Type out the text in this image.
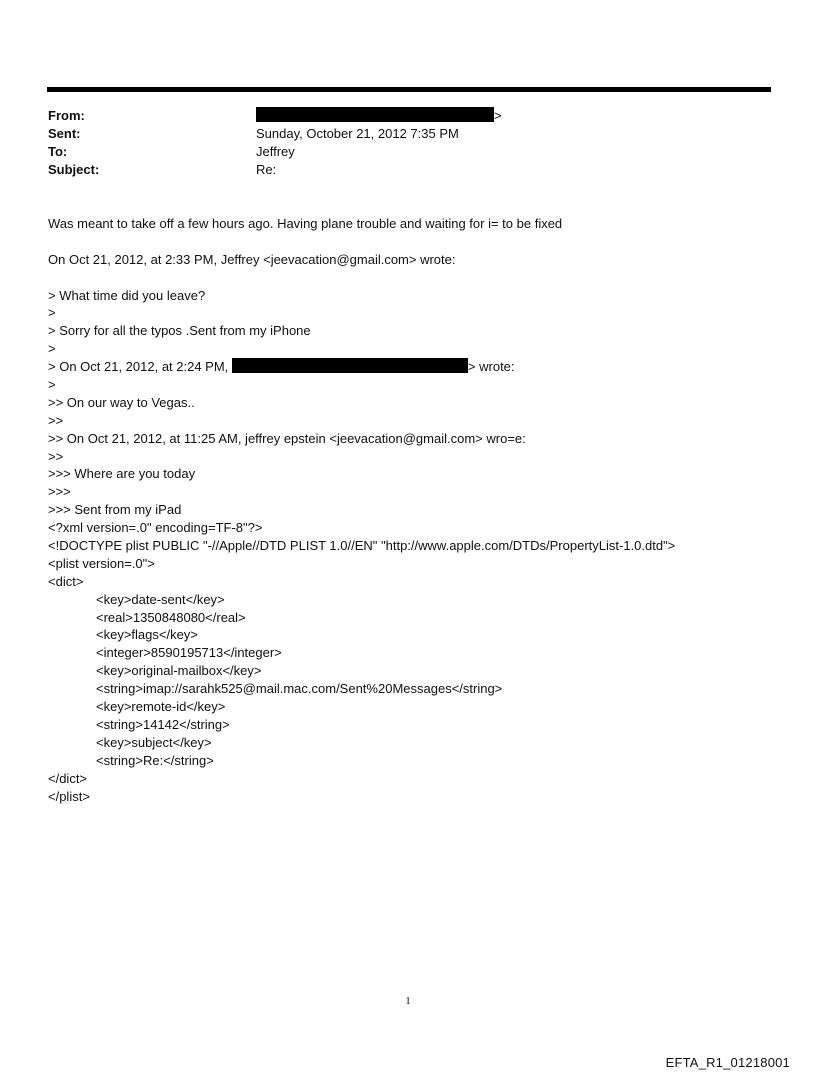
From:	>
Sent:	Sunday, October 21, 2012 7:35 PM
To:	Jeffrey
Subject:	Re:
Was meant to take off a few hours ago. Having plane trouble and waiting for i= to be fixed
On Oct 21, 2012, at 2:33 PM, Jeffrey <jeevacation@gmail.com> wrote:
> What time did you leave?
>
> Sorry for all the typos .Sent from my iPhone
>
> On Oct 21, 2012, at 2:24 PM,	> wrote:
>
>> On our way to Vegas..
>>
>> On Oct 21, 2012, at 11:25 AM, jeffrey epstein <jeevacation@gmail.com> wro=e:
>>
>>> Where are you today
>>>
>>> Sent from my iPad
<?xml version=.0" encoding=TF-8"?>
<!DOCTYPE plist PUBLIC "-//Apple//DTD PLIST 1.0//EN" "http://www.apple.com/DTDs/PropertyList-1.0.dtd">
<plist version=.0">
<dict>
<key>date-sent</key>
<real>1350848080</real>
<key>flags</key>
<integer>8590195713</integer>
<key>original-mailbox</key>
<string>imap://sarahk525@mail.mac.com/Sent%20Messages</string>
<key>remote-id</key>
<string>14142</string>
<key>subject</key>
<string>Re:</string>
</dict>
</plist>
1
EFTA_R1_01218001
